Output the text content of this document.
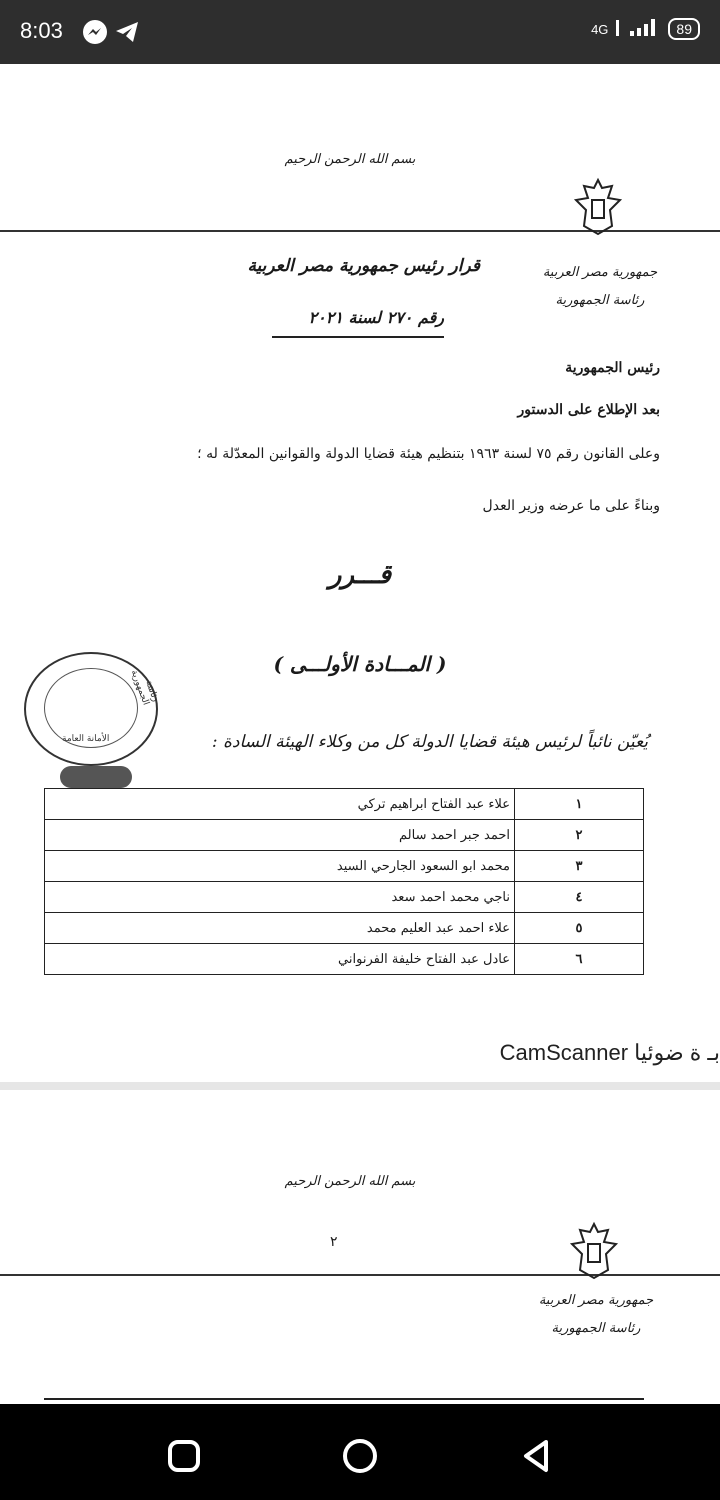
8:03	4G	89
بسم الله الرحمن الرحيم
جمهورية مصر العربية
رئاسة الجمهورية
قرار رئيس جمهورية مصر العربية
رقم ٢٧٠ لسنة ٢٠٢١
رئيس الجمهورية
بعد الإطلاع على الدستور
وعلى القانون رقم ٧٥ لسنة ١٩٦٣ بتنظيم هيئة قضايا الدولة والقوانين المعدّلة له ؛
وبناءً على ما عرضه وزير العدل
قـــرر
( المـــادة الأولـــى )
رئاسة الجمهورية
الأمانة العامة	يُعيّن نائباً لرئيس هيئة قضايا الدولة كل من وكلاء الهيئة السادة :
١	علاء عبد الفتاح ابراهيم تركي
٢	احمد جبر احمد سالم
٣	محمد ابو السعود الجارحي السيد
٤	ناجي محمد احمد سعد
٥	علاء احمد عبد العليم محمد
٦	عادل عبد الفتاح خليفة الفرنواني
CamScanner بـ ة ضوئيا
بسم الله الرحمن الرحيم
٢
جمهورية مصر العربية
رئاسة الجمهورية
